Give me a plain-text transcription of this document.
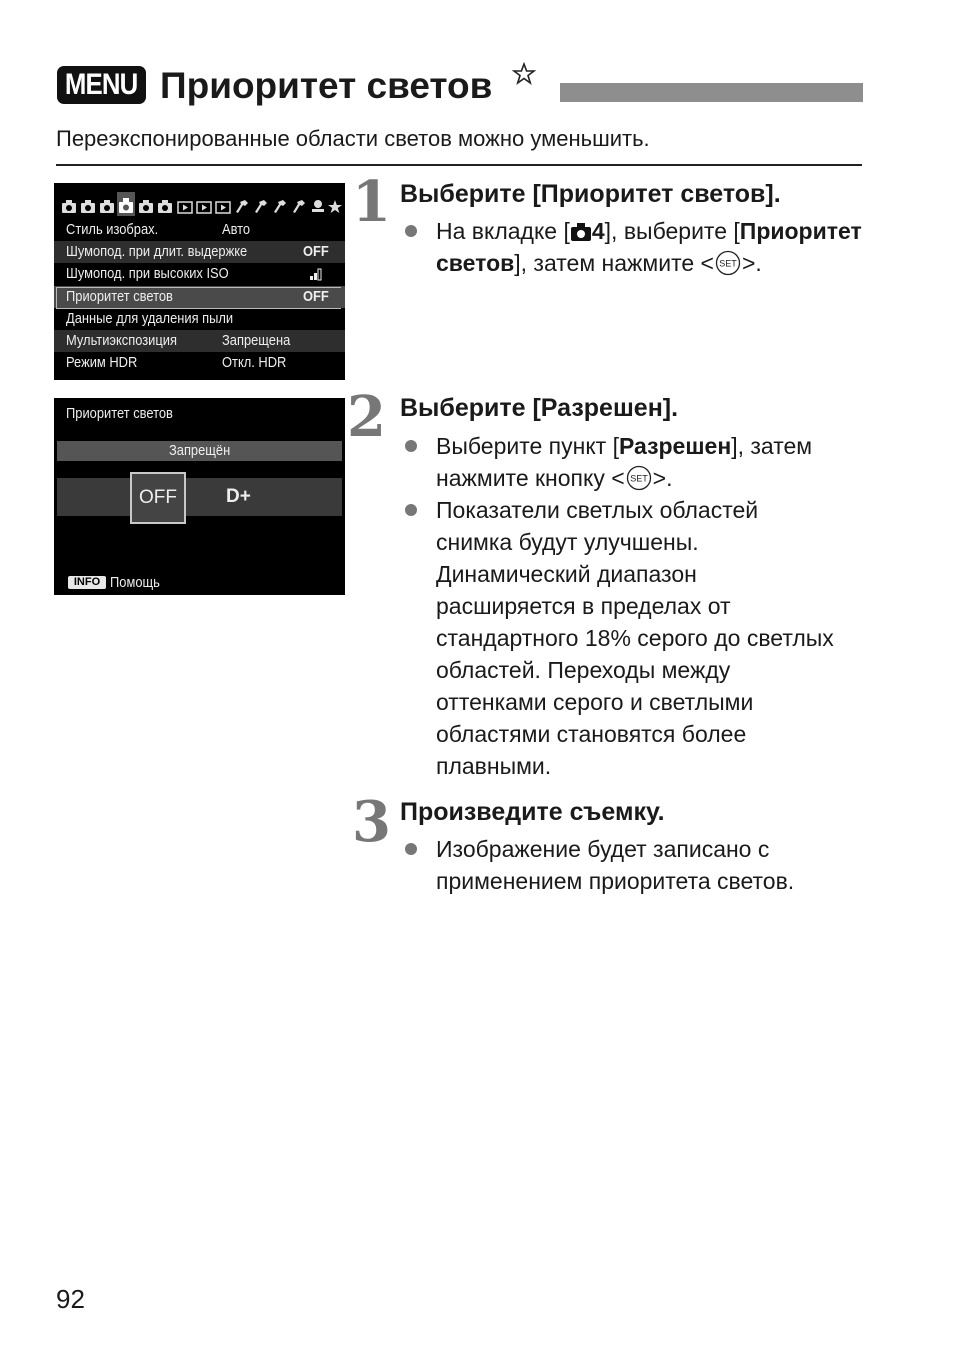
MENU Приоритет светов
Переэкспонированные области светов можно уменьшить.
Стиль изобраx.	Авто
Шумопод. при длит. выдержке	OFF
Шумопод. при высоких ISO
Приоритет светов	OFF
Данные для удаления пыли
Мультиэкспозиция	Запрещена
Режим HDR	Откл. HDR
Приоритет светов
Запрещён
OFF	D+
INFO Помощь
1 Выберите [Приоритет светов].
На вкладке [ 4], выберите [Приоритет светов], затем нажмите < SET >.
2 Выберите [Разрешен].
Выберите пункт [Разрешен], затем нажмите кнопку < SET >.
Показатели светлых областей снимка будут улучшены. Динамический диапазон расширяется в пределах от стандартного 18% серого до светлых областей. Переходы между оттенками серого и светлыми областями становятся более плавными.
3 Произведите съемку.
Изображение будет записано с применением приоритета светов.
92
